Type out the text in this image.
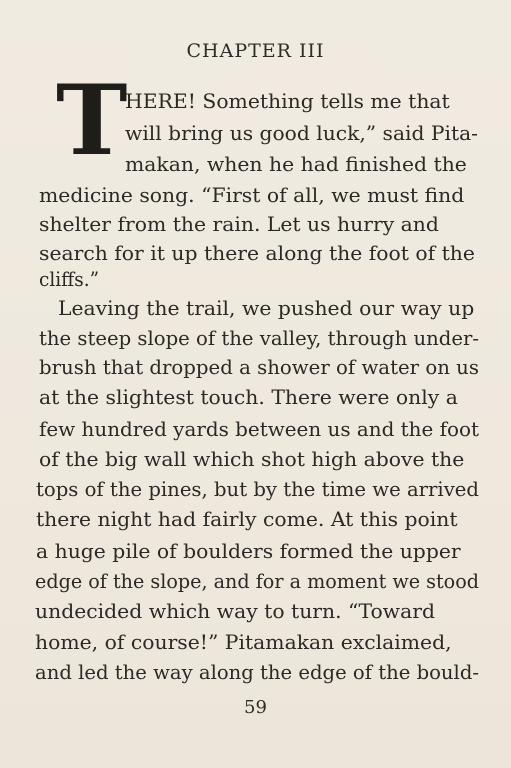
CHAPTER III
T
HERE! Something tells me that
will bring us good luck,” said Pita-
makan, when he had finished the
medicine song. “First of all, we must find
shelter from the rain. Let us hurry and
search for it up there along the foot of the
cliffs.”
Leaving the trail, we pushed our way up
the steep slope of the valley, through under-
brush that dropped a shower of water on us
at the slightest touch. There were only a
few hundred yards between us and the foot
of the big wall which shot high above the
tops of the pines, but by the time we arrived
there night had fairly come. At this point
a huge pile of boulders formed the upper
edge of the slope, and for a moment we stood
undecided which way to turn. “Toward
home, of course!” Pitamakan exclaimed,
and led the way along the edge of the bould-
59
